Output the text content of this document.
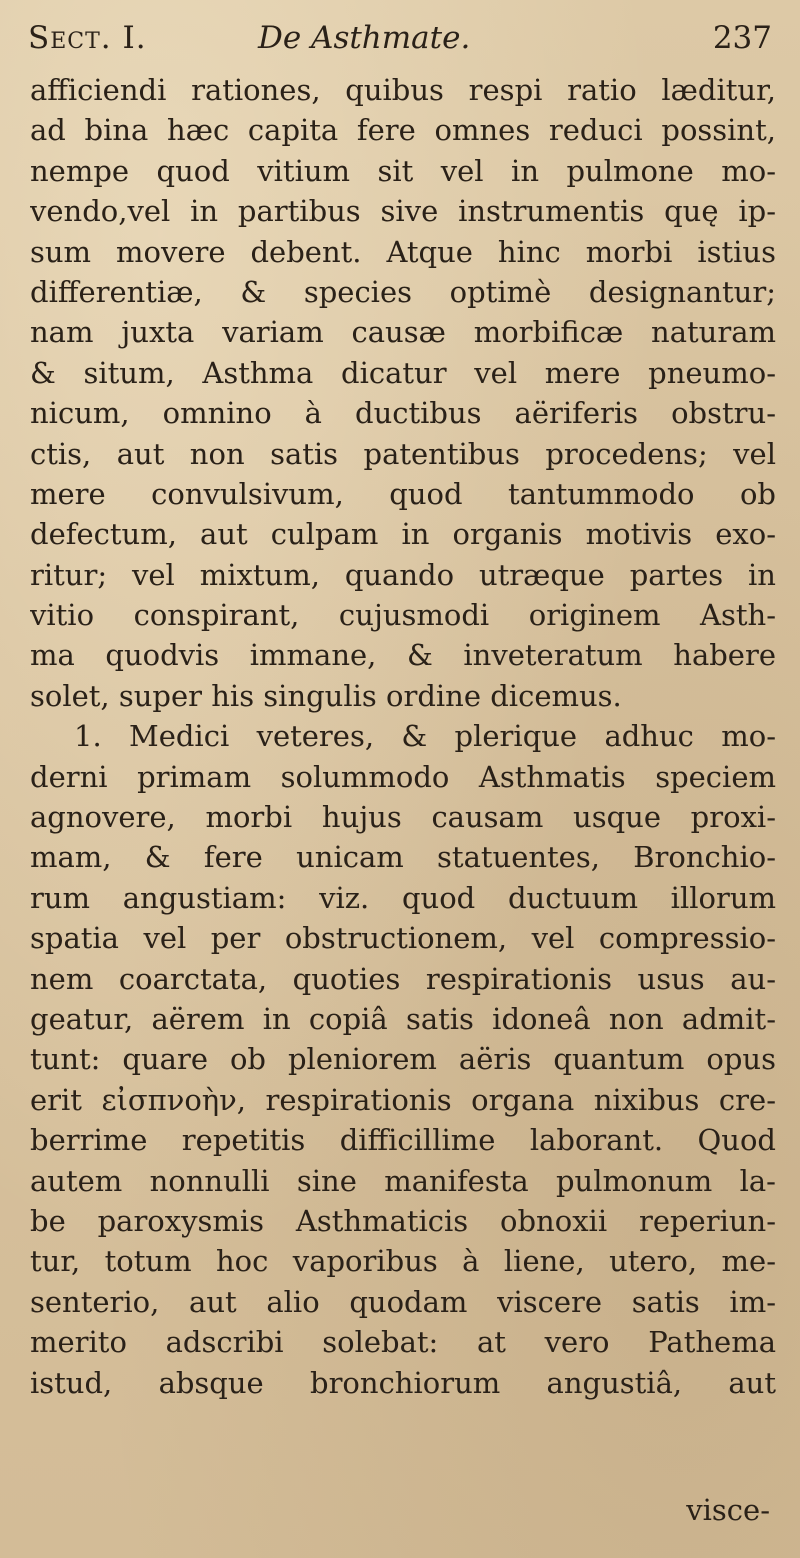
Sect. I.	De Asthmate.	237
afficiendi rationes, quibus respi ratio læditur,
ad bina hæc capita fere omnes reduci possint,
nempe quod vitium sit vel in pulmone mo-
vendo,vel in partibus sive instrumentis quę ip-
sum movere debent. Atque hinc morbi istius
differentiæ, & species optimè designantur;
nam juxta variam causæ morbificæ naturam
& situm, Asthma dicatur vel mere pneumo-
nicum, omnino à ductibus aëriferis obstru-
ctis, aut non satis patentibus procedens; vel
mere convulsivum, quod tantummodo ob
defectum, aut culpam in organis motivis exo-
ritur; vel mixtum, quando utræque partes in
vitio conspirant, cujusmodi originem Asth-
ma quodvis immane, & inveteratum habere
solet, super his singulis ordine dicemus.
1. Medici veteres, & plerique adhuc mo-
derni primam solummodo Asthmatis speciem
agnovere, morbi hujus causam usque proxi-
mam, & fere unicam statuentes, Bronchio-
rum angustiam: viz. quod ductuum illorum
spatia vel per obstructionem, vel compressio-
nem coarctata, quoties respirationis usus au-
geatur, aërem in copiâ satis idoneâ non admit-
tunt: quare ob pleniorem aëris quantum opus
erit εἰσπνοὴν, respirationis organa nixibus cre-
berrime repetitis difficillime laborant. Quod
autem nonnulli sine manifesta pulmonum la-
be paroxysmis Asthmaticis obnoxii reperiun-
tur, totum hoc vaporibus à liene, utero, me-
senterio, aut alio quodam viscere satis im-
merito adscribi solebat: at vero Pathema
istud, absque bronchiorum angustiâ, aut
visce-
